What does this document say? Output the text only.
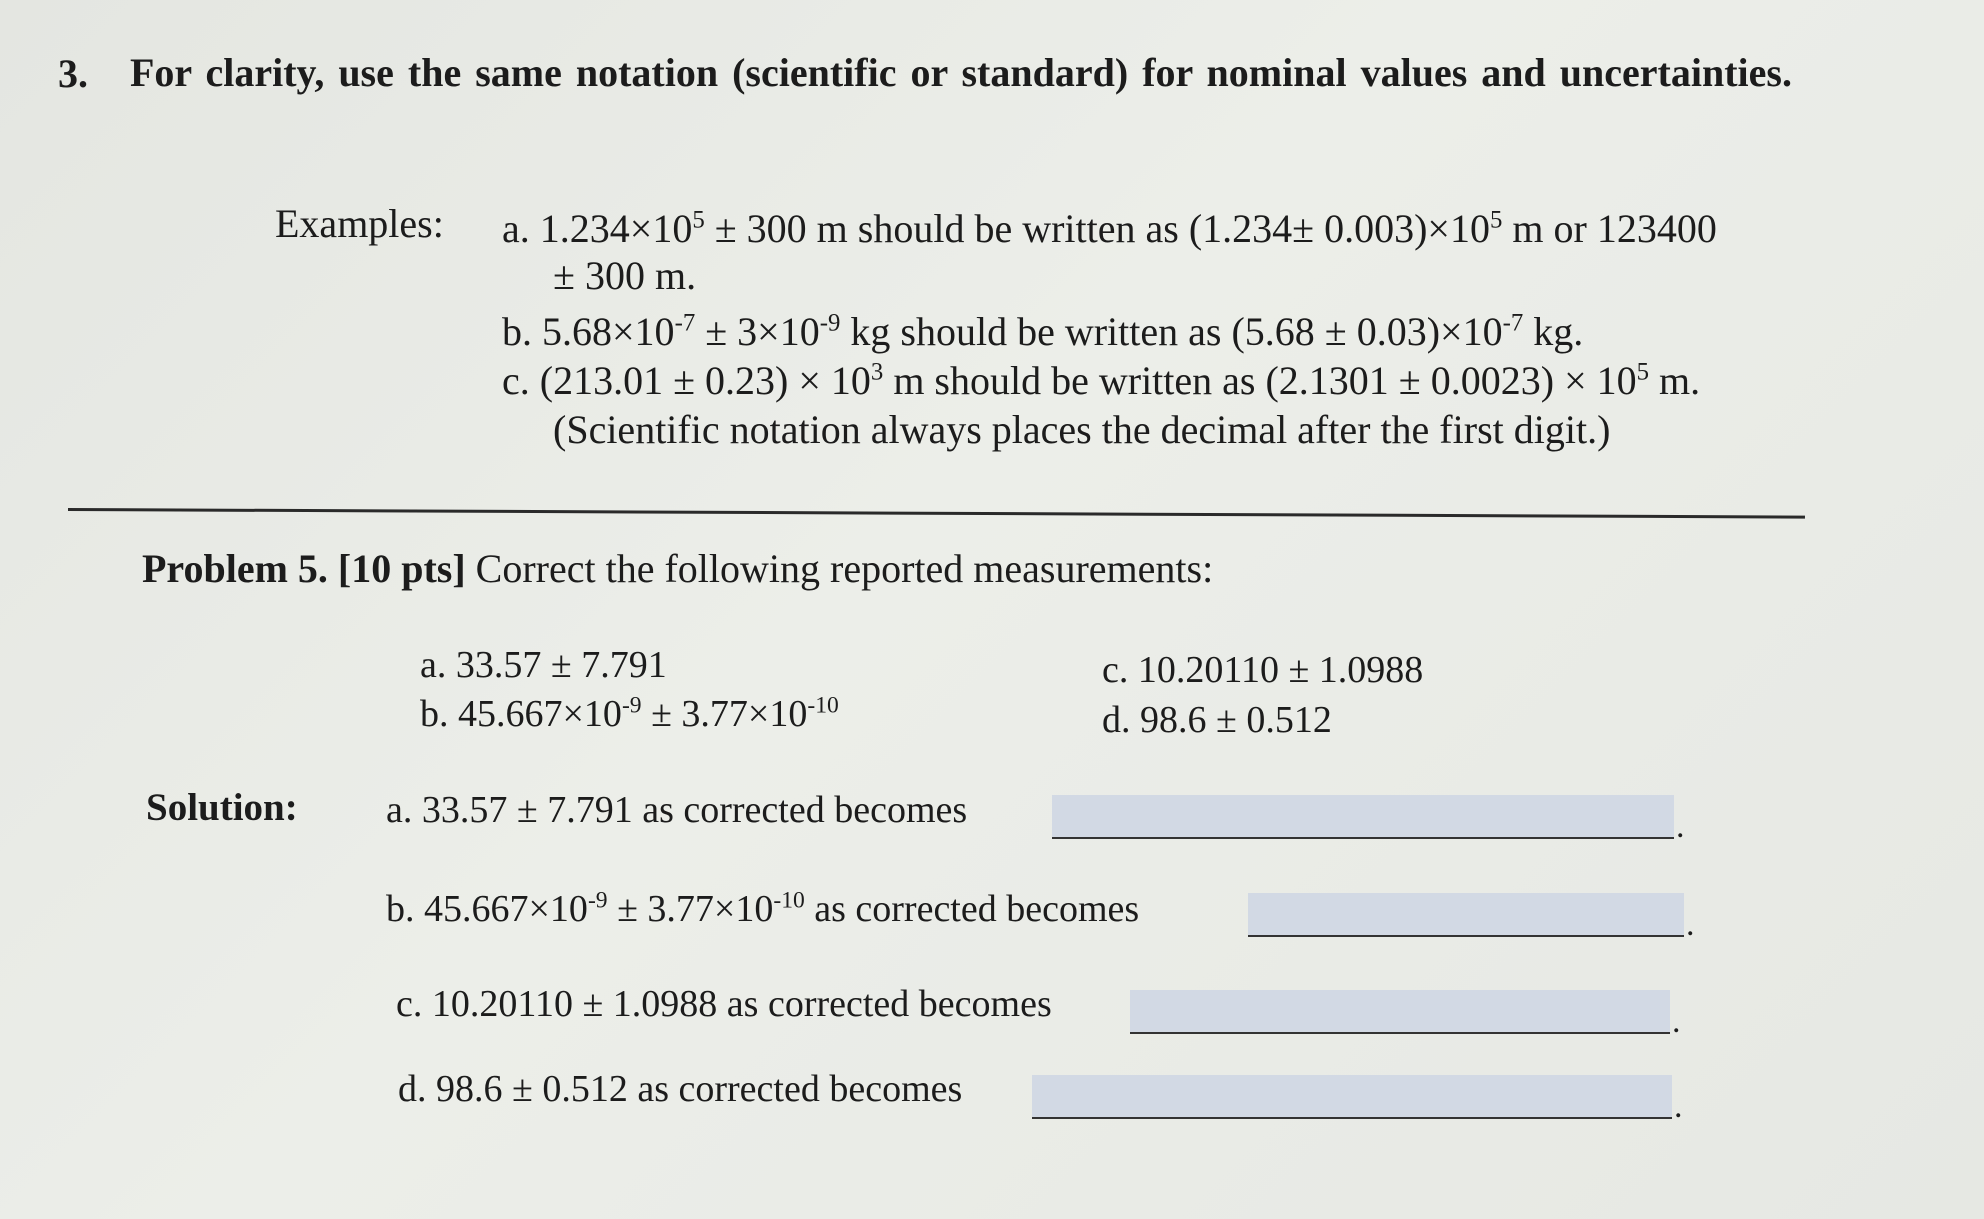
3. For clarity, use the same notation (scientific or standard) for nominal values and uncertainties.
Examples: a. $1.234\times 10^5 \pm 300$ m should be written as $(1.234\pm 0.003)\times 10^5$ m or 123400
± 300 m.
b. $5.68\times 10^{-7} \pm 3\times 10^{-9}$ kg should be written as $(5.68 \pm 0.03)\times 10^{-7}$ kg.
c. $(213.01 \pm 0.23) \times 10^3$ m should be written as $(2.1301 \pm 0.0023) \times 10^5$ m.
(Scientific notation always places the decimal after the first digit.)
Problem 5. [10 pts] Correct the following reported measurements:
a. 33.57 ± 7.791
b. $45.667\times 10^{-9} \pm 3.77\times 10^{-10}$
c. 10.20110 ± 1.0988
d. 98.6 ± 0.512
Solution: a. 33.57 ± 7.791 as corrected becomes	.
b. $45.667\times 10^{-9} \pm 3.77\times 10^{-10}$ as corrected becomes	.
c. 10.20110 ± 1.0988 as corrected becomes	.
d. 98.6 ± 0.512 as corrected becomes	.
